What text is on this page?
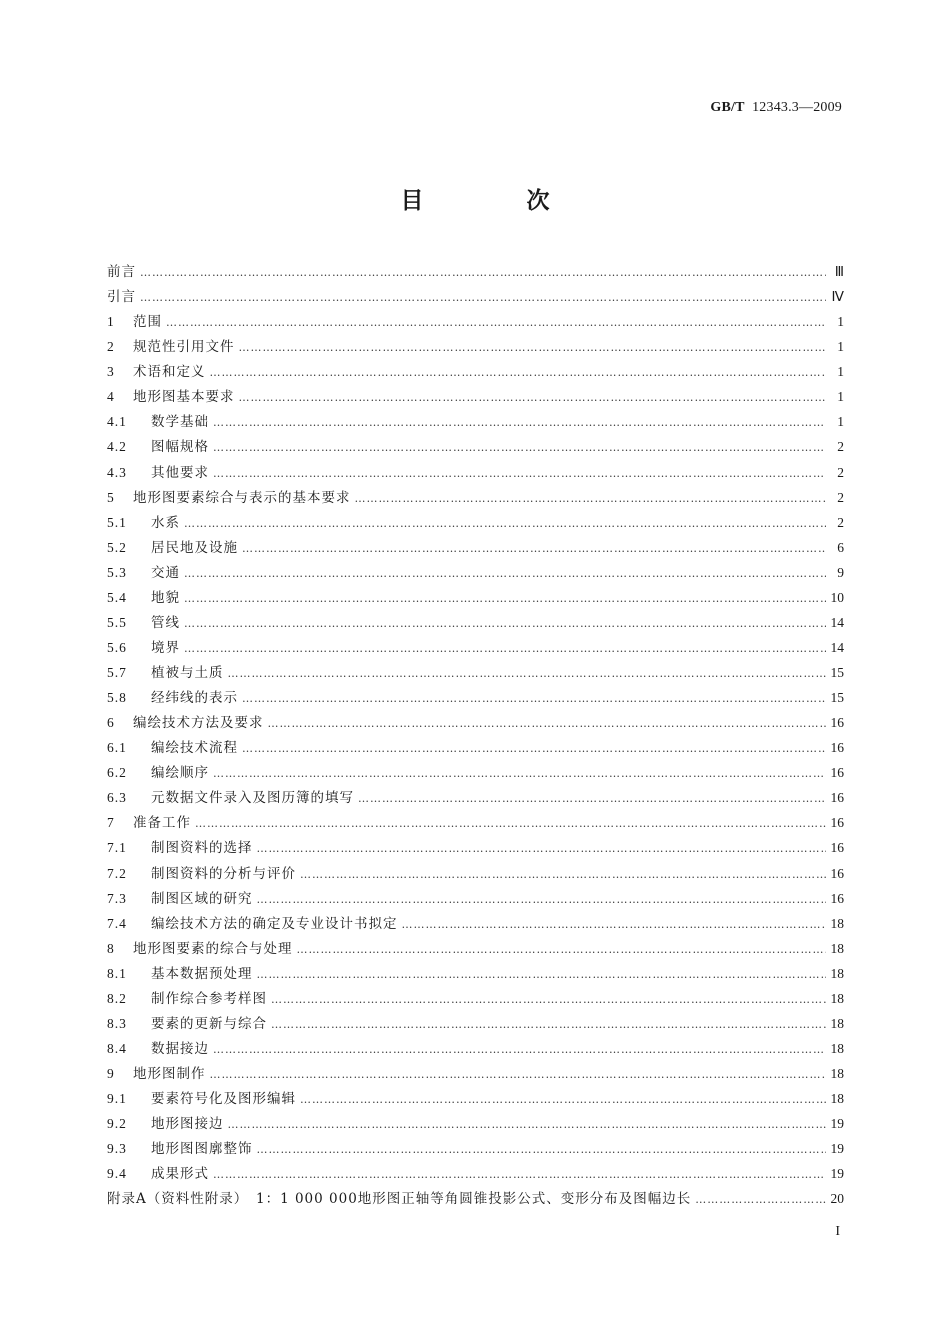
GB/T 12343.3—2009
目　次
前言 …………………………………………………………………………………………………………………………………………………………………………………………………………………………	Ⅲ
引言 …………………………………………………………………………………………………………………………………………………………………………………………………………………………	Ⅳ
1	范围 …………………………………………………………………………………………………………………………………………………………………………………………………………………………	1
2	规范性引用文件 …………………………………………………………………………………………………………………………………………………………………………………………………………………………	1
3	术语和定义 …………………………………………………………………………………………………………………………………………………………………………………………………………………………	1
4	地形图基本要求 …………………………………………………………………………………………………………………………………………………………………………………………………………………………	1
4.1	数学基础 …………………………………………………………………………………………………………………………………………………………………………………………………………………………	1
4.2	图幅规格 …………………………………………………………………………………………………………………………………………………………………………………………………………………………	2
4.3	其他要求 …………………………………………………………………………………………………………………………………………………………………………………………………………………………	2
5	地形图要素综合与表示的基本要求 …………………………………………………………………………………………………………………………………………………………………………………………………………………………	2
5.1	水系 …………………………………………………………………………………………………………………………………………………………………………………………………………………………	2
5.2	居民地及设施 …………………………………………………………………………………………………………………………………………………………………………………………………………………………	6
5.3	交通 …………………………………………………………………………………………………………………………………………………………………………………………………………………………	9
5.4	地貌 …………………………………………………………………………………………………………………………………………………………………………………………………………………………	10
5.5	管线 …………………………………………………………………………………………………………………………………………………………………………………………………………………………	14
5.6	境界 …………………………………………………………………………………………………………………………………………………………………………………………………………………………	14
5.7	植被与土质 …………………………………………………………………………………………………………………………………………………………………………………………………………………………	15
5.8	经纬线的表示 …………………………………………………………………………………………………………………………………………………………………………………………………………………………	15
6	编绘技术方法及要求 …………………………………………………………………………………………………………………………………………………………………………………………………………………………	16
6.1	编绘技术流程 …………………………………………………………………………………………………………………………………………………………………………………………………………………………	16
6.2	编绘顺序 …………………………………………………………………………………………………………………………………………………………………………………………………………………………	16
6.3	元数据文件录入及图历簿的填写 …………………………………………………………………………………………………………………………………………………………………………………………………………………………	16
7	准备工作 …………………………………………………………………………………………………………………………………………………………………………………………………………………………	16
7.1	制图资料的选择 …………………………………………………………………………………………………………………………………………………………………………………………………………………………	16
7.2	制图资料的分析与评价 …………………………………………………………………………………………………………………………………………………………………………………………………………………………	16
7.3	制图区域的研究 …………………………………………………………………………………………………………………………………………………………………………………………………………………………	16
7.4	编绘技术方法的确定及专业设计书拟定 …………………………………………………………………………………………………………………………………………………………………………………………………………………………	18
8	地形图要素的综合与处理 …………………………………………………………………………………………………………………………………………………………………………………………………………………………	18
8.1	基本数据预处理 …………………………………………………………………………………………………………………………………………………………………………………………………………………………	18
8.2	制作综合参考样图 …………………………………………………………………………………………………………………………………………………………………………………………………………………………	18
8.3	要素的更新与综合 …………………………………………………………………………………………………………………………………………………………………………………………………………………………	18
8.4	数据接边 …………………………………………………………………………………………………………………………………………………………………………………………………………………………	18
9	地形图制作 …………………………………………………………………………………………………………………………………………………………………………………………………………………………	18
9.1	要素符号化及图形编辑 …………………………………………………………………………………………………………………………………………………………………………………………………………………………	18
9.2	地形图接边 …………………………………………………………………………………………………………………………………………………………………………………………………………………………	19
9.3	地形图图廓整饰 …………………………………………………………………………………………………………………………………………………………………………………………………………………………	19
9.4	成果形式 …………………………………………………………………………………………………………………………………………………………………………………………………………………………	19
附录A（资料性附录）　1：1 000 000地形图正轴等角圆锥投影公式、变形分布及图幅边长 …………………………………………………………………………………………………………………………………………………………………………………………………………………………	20
I
